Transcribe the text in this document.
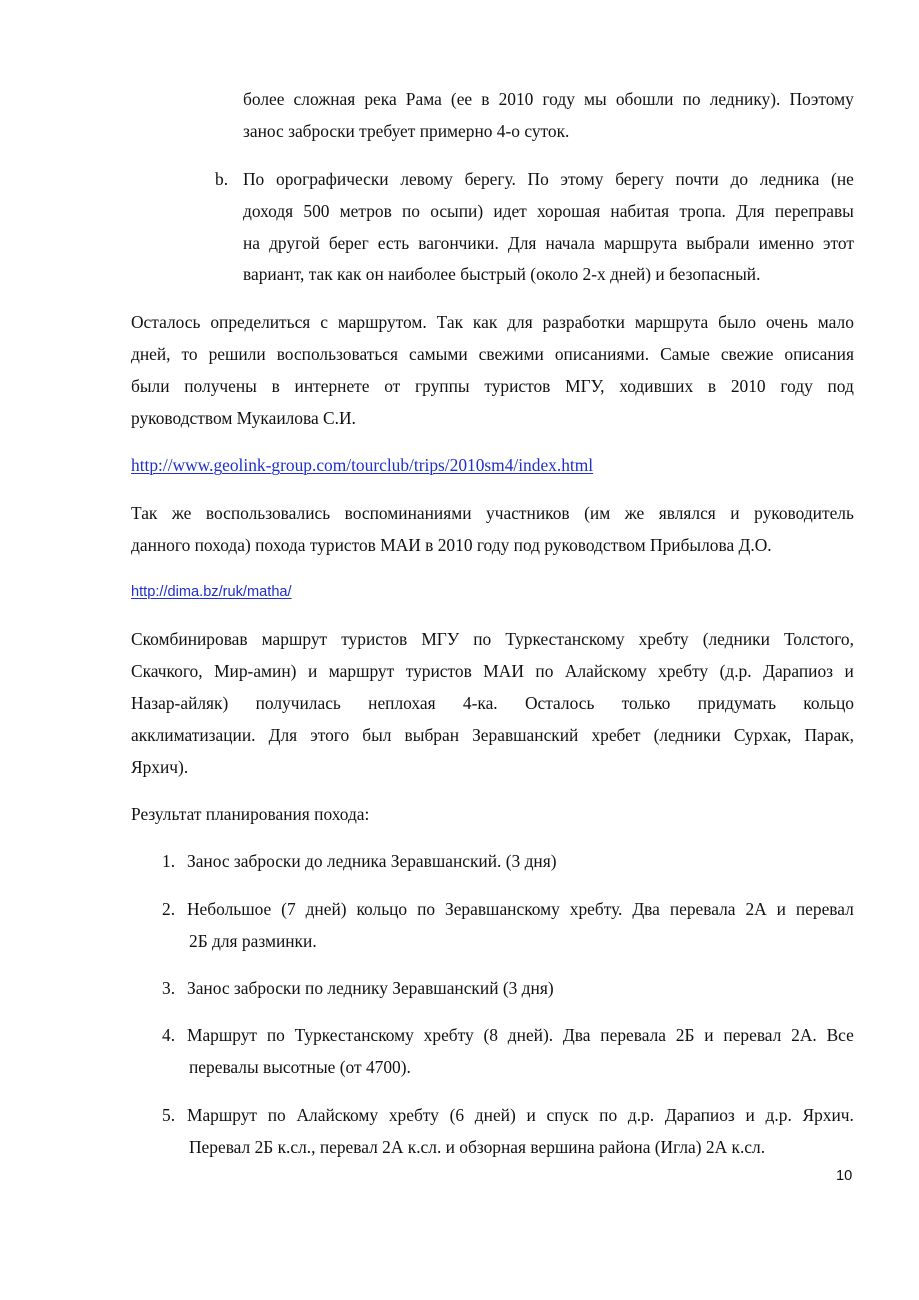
более сложная река Рама (ее в 2010 году мы обошли по леднику). Поэтому
занос заброски требует примерно 4-о суток.
b. По орографически левому берегу. По этому берегу почти до ледника (не
доходя 500 метров по осыпи) идет хорошая набитая тропа. Для переправы
на другой берег есть вагончики. Для начала маршрута выбрали именно этот
вариант, так как он наиболее быстрый (около 2-х дней) и безопасный.
Осталось определиться с маршрутом. Так как для разработки маршрута было очень мало
дней, то решили воспользоваться самыми свежими описаниями. Самые свежие описания
были получены в интернете от группы туристов МГУ, ходивших в 2010 году под
руководством Мукаилова С.И.
http://www.geolink-group.com/tourclub/trips/2010sm4/index.html
Так же воспользовались воспоминаниями участников (им же являлся и руководитель
данного похода) похода туристов МАИ в 2010 году под руководством Прибылова Д.О.
http://dima.bz/ruk/matha/
Скомбинировав маршрут туристов МГУ по Туркестанскому хребту (ледники Толстого,
Скачкого, Мир-амин) и маршрут туристов МАИ по Алайскому хребту (д.р. Дарапиоз и
Назар-айляк) получилась неплохая 4-ка. Осталось только придумать кольцо
акклиматизации. Для этого был выбран Зеравшанский хребет (ледники Сурхак, Парак,
Ярхич).
Результат планирования похода:
1. Занос заброски до ледника Зеравшанский. (3 дня)
2. Небольшое (7 дней) кольцо по Зеравшанскому хребту. Два перевала 2А и перевал
2Б для разминки.
3. Занос заброски по леднику Зеравшанский (3 дня)
4. Маршрут по Туркестанскому хребту (8 дней). Два перевала 2Б и перевал 2А. Все
перевалы высотные (от 4700).
5. Маршрут по Алайскому хребту (6 дней) и спуск по д.р. Дарапиоз и д.р. Ярхич.
Перевал 2Б к.сл., перевал 2А к.сл. и обзорная вершина района (Игла) 2А к.сл.
10
